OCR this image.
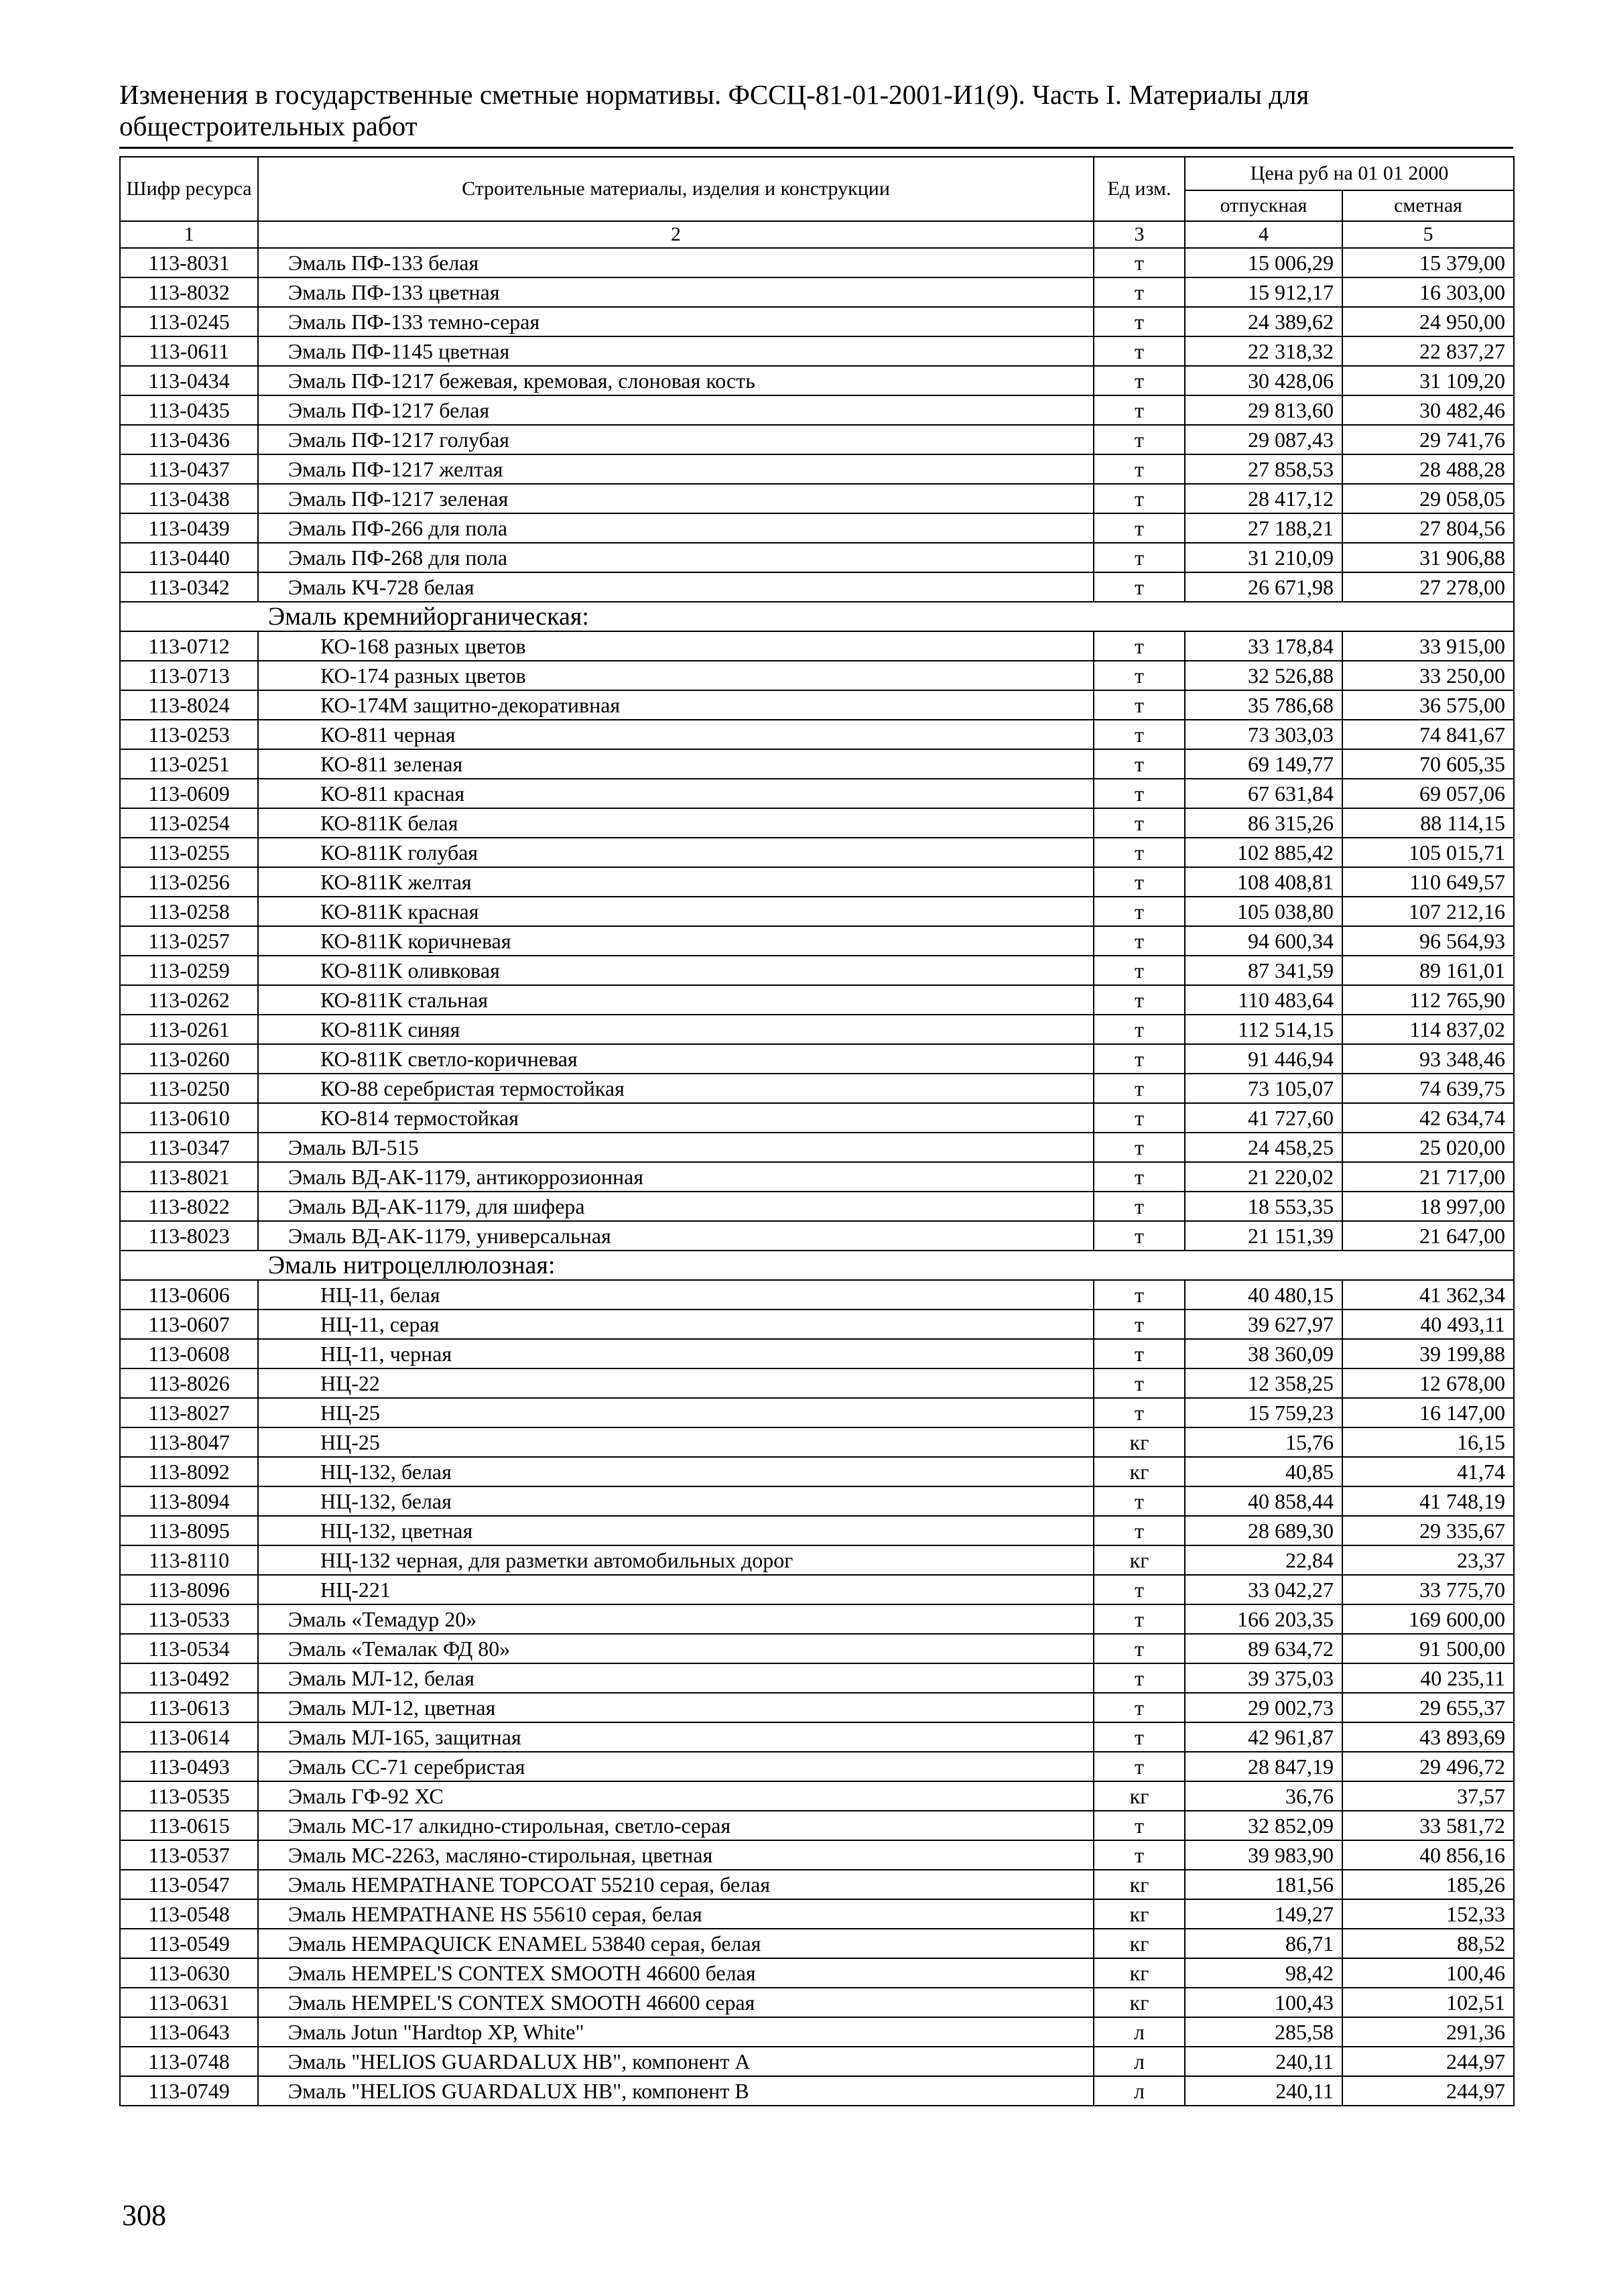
Изменения в государственные сметные нормативы. ФССЦ-81-01-2001-И1(9). Часть I. Материалы для общестроительных работ
Шифр ресурса	Строительные материалы, изделия и конструкции	Ед изм.	Цена руб на 01 01 2000	
			отпускная	сметная
1	2	3	4	5
113-8031	Эмаль ПФ-133 белая	т	15 006,29	15 379,00
113-8032	Эмаль ПФ-133 цветная	т	15 912,17	16 303,00
113-0245	Эмаль ПФ-133 темно-серая	т	24 389,62	24 950,00
113-0611	Эмаль ПФ-1145 цветная	т	22 318,32	22 837,27
113-0434	Эмаль ПФ-1217 бежевая, кремовая, слоновая кость	т	30 428,06	31 109,20
113-0435	Эмаль ПФ-1217 белая	т	29 813,60	30 482,46
113-0436	Эмаль ПФ-1217 голубая	т	29 087,43	29 741,76
113-0437	Эмаль ПФ-1217 желтая	т	27 858,53	28 488,28
113-0438	Эмаль ПФ-1217 зеленая	т	28 417,12	29 058,05
113-0439	Эмаль ПФ-266 для пола	т	27 188,21	27 804,56
113-0440	Эмаль ПФ-268 для пола	т	31 210,09	31 906,88
113-0342	Эмаль КЧ-728 белая	т	26 671,98	27 278,00
Эмаль кремнийорганическая:				
113-0712	КО-168 разных цветов	т	33 178,84	33 915,00
113-0713	КО-174 разных цветов	т	32 526,88	33 250,00
113-8024	КО-174М защитно-декоративная	т	35 786,68	36 575,00
113-0253	КО-811 черная	т	73 303,03	74 841,67
113-0251	КО-811 зеленая	т	69 149,77	70 605,35
113-0609	КО-811 красная	т	67 631,84	69 057,06
113-0254	КО-811К белая	т	86 315,26	88 114,15
113-0255	КО-811К голубая	т	102 885,42	105 015,71
113-0256	КО-811К желтая	т	108 408,81	110 649,57
113-0258	КО-811К красная	т	105 038,80	107 212,16
113-0257	КО-811К коричневая	т	94 600,34	96 564,93
113-0259	КО-811К оливковая	т	87 341,59	89 161,01
113-0262	КО-811К стальная	т	110 483,64	112 765,90
113-0261	КО-811К синяя	т	112 514,15	114 837,02
113-0260	КО-811К светло-коричневая	т	91 446,94	93 348,46
113-0250	КО-88 серебристая термостойкая	т	73 105,07	74 639,75
113-0610	КО-814 термостойкая	т	41 727,60	42 634,74
113-0347	Эмаль ВЛ-515	т	24 458,25	25 020,00
113-8021	Эмаль ВД-АК-1179, антикоррозионная	т	21 220,02	21 717,00
113-8022	Эмаль ВД-АК-1179, для шифера	т	18 553,35	18 997,00
113-8023	Эмаль ВД-АК-1179, универсальная	т	21 151,39	21 647,00
Эмаль нитроцеллюлозная:				
113-0606	НЦ-11, белая	т	40 480,15	41 362,34
113-0607	НЦ-11, серая	т	39 627,97	40 493,11
113-0608	НЦ-11, черная	т	38 360,09	39 199,88
113-8026	НЦ-22	т	12 358,25	12 678,00
113-8027	НЦ-25	т	15 759,23	16 147,00
113-8047	НЦ-25	кг	15,76	16,15
113-8092	НЦ-132, белая	кг	40,85	41,74
113-8094	НЦ-132, белая	т	40 858,44	41 748,19
113-8095	НЦ-132, цветная	т	28 689,30	29 335,67
113-8110	НЦ-132 черная, для разметки автомобильных дорог	кг	22,84	23,37
113-8096	НЦ-221	т	33 042,27	33 775,70
113-0533	Эмаль «Темадур 20»	т	166 203,35	169 600,00
113-0534	Эмаль «Темалак ФД 80»	т	89 634,72	91 500,00
113-0492	Эмаль МЛ-12, белая	т	39 375,03	40 235,11
113-0613	Эмаль МЛ-12, цветная	т	29 002,73	29 655,37
113-0614	Эмаль МЛ-165, защитная	т	42 961,87	43 893,69
113-0493	Эмаль СС-71 серебристая	т	28 847,19	29 496,72
113-0535	Эмаль ГФ-92 ХС	кг	36,76	37,57
113-0615	Эмаль МС-17 алкидно-стирольная, светло-серая	т	32 852,09	33 581,72
113-0537	Эмаль МС-2263, масляно-стирольная, цветная	т	39 983,90	40 856,16
113-0547	Эмаль HEMPATHANE TOPCOAT 55210 серая, белая	кг	181,56	185,26
113-0548	Эмаль HEMPATHANE HS 55610 серая, белая	кг	149,27	152,33
113-0549	Эмаль HEMPAQUICK ENAMEL 53840 серая, белая	кг	86,71	88,52
113-0630	Эмаль HEMPEL'S CONTEX SMOOTH 46600 белая	кг	98,42	100,46
113-0631	Эмаль HEMPEL'S CONTEX SMOOTH 46600 серая	кг	100,43	102,51
113-0643	Эмаль Jotun "Hardtop XP, White"	л	285,58	291,36
113-0748	Эмаль "HELIOS GUARDALUX HB", компонент А	л	240,11	244,97
113-0749	Эмаль "HELIOS GUARDALUX HB", компонент В	л	240,11	244,97
308
